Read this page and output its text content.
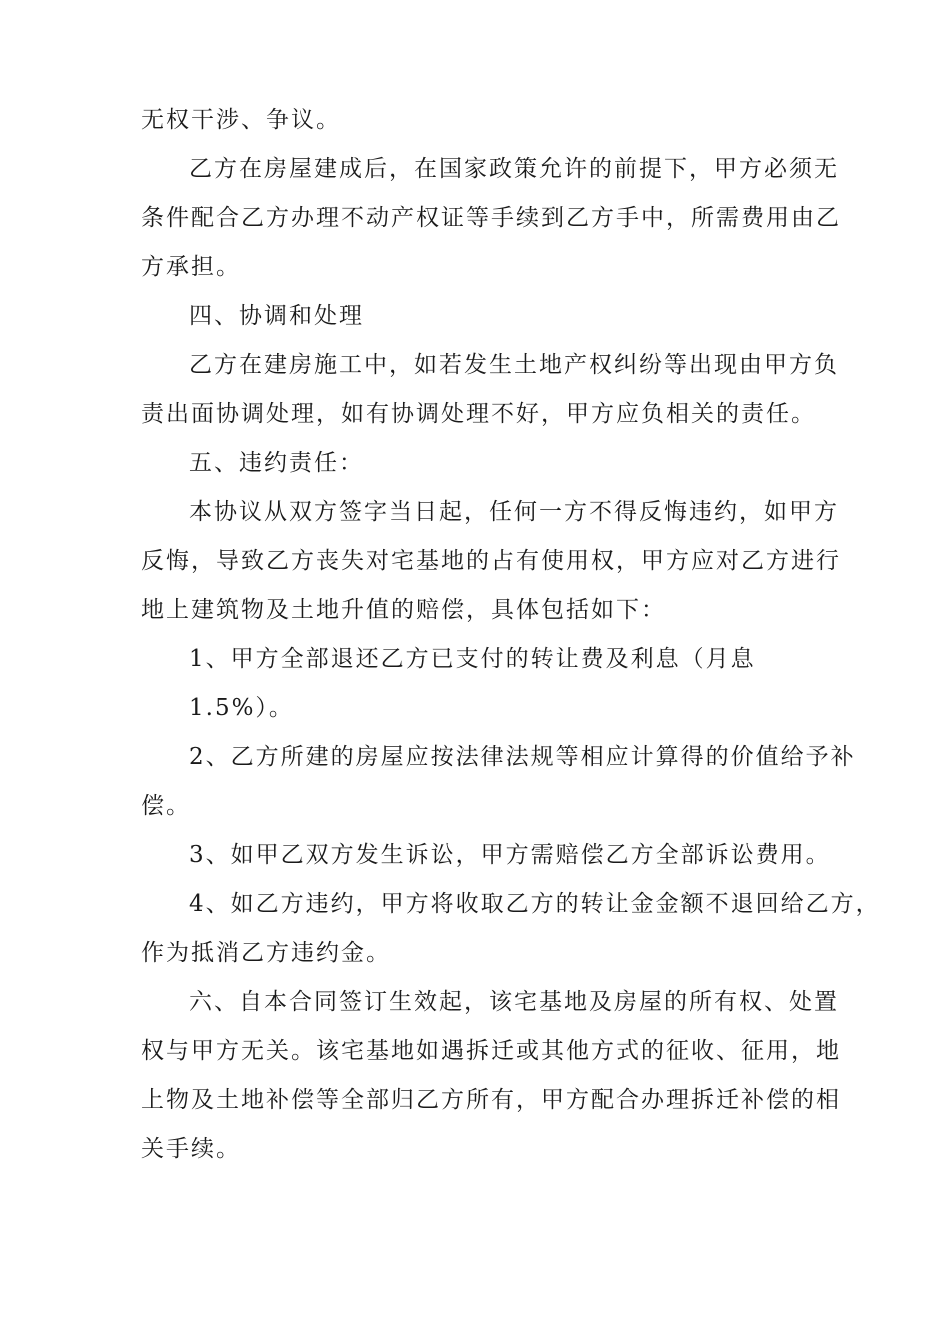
无权干涉、争议。
乙方在房屋建成后，在国家政策允许的前提下，甲方必须无
条件配合乙方办理不动产权证等手续到乙方手中，所需费用由乙
方承担。
四、协调和处理
乙方在建房施工中，如若发生土地产权纠纷等出现由甲方负
责出面协调处理，如有协调处理不好，甲方应负相关的责任。
五、违约责任：
本协议从双方签字当日起，任何一方不得反悔违约，如甲方
反悔，导致乙方丧失对宅基地的占有使用权，甲方应对乙方进行
地上建筑物及土地升值的赔偿，具体包括如下：
1、甲方全部退还乙方已支付的转让费及利息（月息
1.5%）。
2、乙方所建的房屋应按法律法规等相应计算得的价值给予补
偿。
3、如甲乙双方发生诉讼，甲方需赔偿乙方全部诉讼费用。
4、如乙方违约，甲方将收取乙方的转让金金额不退回给乙方，
作为抵消乙方违约金。
六、自本合同签订生效起，该宅基地及房屋的所有权、处置
权与甲方无关。该宅基地如遇拆迁或其他方式的征收、征用，地
上物及土地补偿等全部归乙方所有，甲方配合办理拆迁补偿的相
关手续。
